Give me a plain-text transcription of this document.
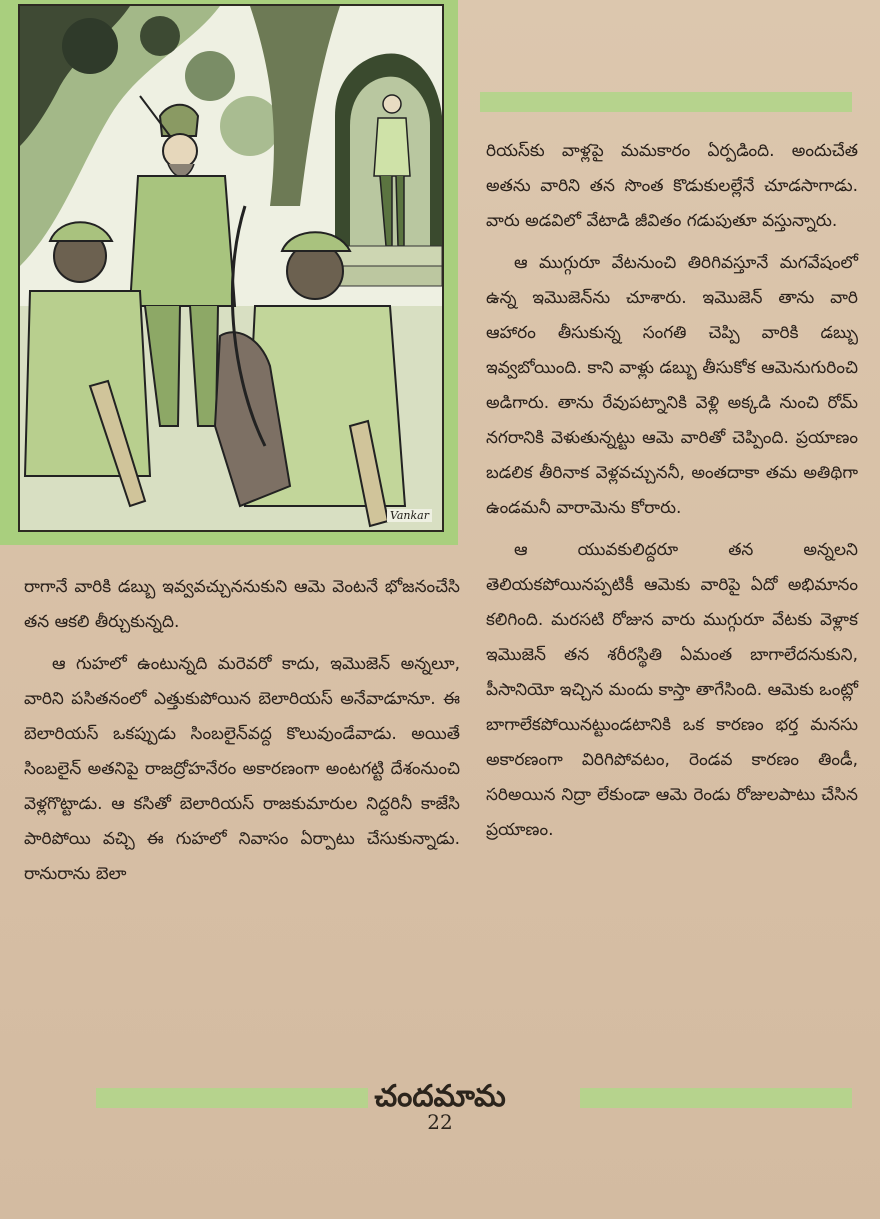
Vankar

రియస్‌కు వాళ్లపై మమకారం ఏర్పడింది. అందుచేత అతను వారిని తన సొంత కొడుకులల్లేనే చూడసాగాడు. వారు అడవిలో వేటాడి జీవితం గడుపుతూ వస్తున్నారు.

ఆ ముగ్గురూ వేటనుంచి తిరిగివస్తూనే మగవేషంలో ఉన్న ఇమొజెన్‌ను చూశారు. ఇమొజెన్ తాను వారి ఆహారం తీసుకున్న సంగతి చెప్పి వారికి డబ్బు ఇవ్వబోయింది. కాని వాళ్లు డబ్బు తీసుకోక ఆమెనుగురించి అడిగారు. తాను రేవుపట్నానికి వెళ్లి అక్కడి నుంచి రోమ్ నగరానికి వెళుతున్నట్టు ఆమె వారితో చెప్పింది. ప్రయాణం బడలిక తీరినాక వెళ్లవచ్చుననీ, అంతదాకా తమ అతిథిగా ఉండమనీ వారామెను కోరారు.

ఆ యువకులిద్దరూ తన అన్నలని తెలియకపోయినప్పటికీ ఆమెకు వారిపై ఏదో అభిమానం కలిగింది. మరసటి రోజున వారు ముగ్గురూ వేటకు వెళ్లాక ఇమొజెన్ తన శరీరస్థితి ఏమంత బాగాలేదనుకుని, పీసానియో ఇచ్చిన మందు కాస్తా తాగేసింది. ఆమెకు ఒంట్లో బాగాలేకపోయినట్టుండటానికి ఒక కారణం భర్త మనసు అకారణంగా విరిగిపోవటం, రెండవ కారణం తిండీ, సరిఅయిన నిద్రా లేకుండా ఆమె రెండు రోజులపాటు చేసిన ప్రయాణం.

రాగానే వారికి డబ్బు ఇవ్వవచ్చుననుకుని ఆమె వెంటనే భోజనంచేసి తన ఆకలి తీర్చుకున్నది.

ఆ గుహలో ఉంటున్నది మరెవరో కాదు, ఇమొజెన్ అన్నలూ, వారిని పసితనంలో ఎత్తుకుపోయిన బెలారియస్ అనేవాడూనూ. ఈ బెలారియస్ ఒకప్పుడు సింబలైన్‌వద్ద కొలువుండేవాడు. అయితే సింబలైన్ అతనిపై రాజద్రోహనేరం అకారణంగా అంటగట్టి దేశంనుంచి వెళ్లగొట్టాడు. ఆ కసితో బెలారియస్ రాజకుమారుల నిద్దరినీ కాజేసి పారిపోయి వచ్చి ఈ గుహలో నివాసం ఏర్పాటు చేసుకున్నాడు. రానురాను బెలా

చందమామ
22
